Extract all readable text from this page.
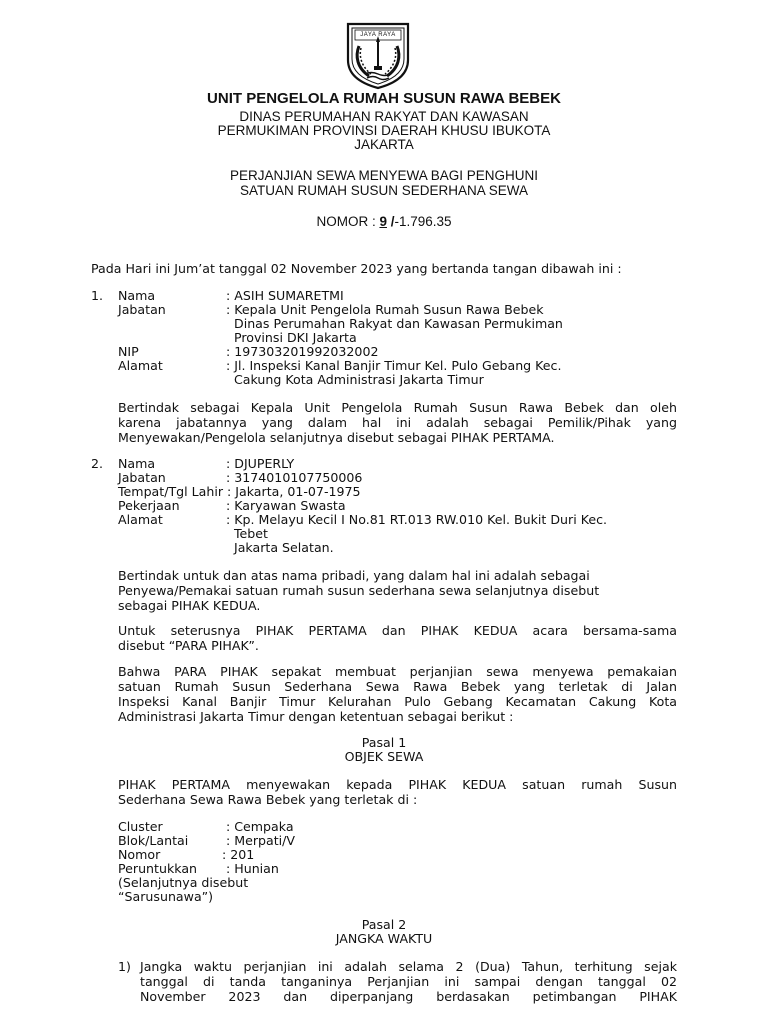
JAYA RAYA
UNIT PENGELOLA RUMAH SUSUN RAWA BEBEK
DINAS PERUMAHAN RAKYAT DAN KAWASAN
PERMUKIMAN PROVINSI DAERAH KHUSU IBUKOTA
JAKARTA
PERJANJIAN SEWA MENYEWA BAGI PENGHUNI
SATUAN RUMAH SUSUN SEDERHANA SEWA
NOMOR : 9 /-1.796.35
Pada Hari ini Jum’at tanggal 02 November 2023 yang bertanda tangan dibawah ini :
1. Nama	: ASIH SUMARETMI
Jabatan	: Kepala Unit Pengelola Rumah Susun Rawa Bebek
Dinas Perumahan Rakyat dan Kawasan Permukiman
Provinsi DKI Jakarta
NIP	: 197303201992032002
Alamat	: Jl. Inspeksi Kanal Banjir Timur Kel. Pulo Gebang Kec.
Cakung Kota Administrasi Jakarta Timur
Bertindak sebagai Kepala Unit Pengelola Rumah Susun Rawa Bebek dan oleh
karena jabatannya yang dalam hal ini adalah sebagai Pemilik/Pihak yang
Menyewakan/Pengelola selanjutnya disebut sebagai PIHAK PERTAMA.
2. Nama	: DJUPERLY
Jabatan	: 3174010107750006
Tempat/Tgl Lahir : Jakarta, 01-07-1975
Pekerjaan	: Karyawan Swasta
Alamat	: Kp. Melayu Kecil I No.81 RT.013 RW.010 Kel. Bukit Duri Kec.
Tebet
Jakarta Selatan.
Bertindak untuk dan atas nama pribadi, yang dalam hal ini adalah sebagai
Penyewa/Pemakai satuan rumah susun sederhana sewa selanjutnya disebut
sebagai PIHAK KEDUA.
Untuk seterusnya PIHAK PERTAMA dan PIHAK KEDUA acara bersama-sama
disebut “PARA PIHAK”.
Bahwa PARA PIHAK sepakat membuat perjanjian sewa menyewa pemakaian
satuan Rumah Susun Sederhana Sewa Rawa Bebek yang terletak di Jalan
Inspeksi Kanal Banjir Timur Kelurahan Pulo Gebang Kecamatan Cakung Kota
Administrasi Jakarta Timur dengan ketentuan sebagai berikut :
Pasal 1
OBJEK SEWA
PIHAK PERTAMA menyewakan kepada PIHAK KEDUA satuan rumah Susun
Sederhana Sewa Rawa Bebek yang terletak di :
Cluster	: Cempaka
Blok/Lantai	: Merpati/V
Nomor	: 201
Peruntukkan : Hunian
(Selanjutnya disebut
“Sarusunawa”)
Pasal 2
JANGKA WAKTU
1) Jangka waktu perjanjian ini adalah selama 2 (Dua) Tahun, terhitung sejak
tanggal di tanda tanganinya Perjanjian ini sampai dengan tanggal 02
November 2023 dan diperpanjang berdasakan petimbangan PIHAK
